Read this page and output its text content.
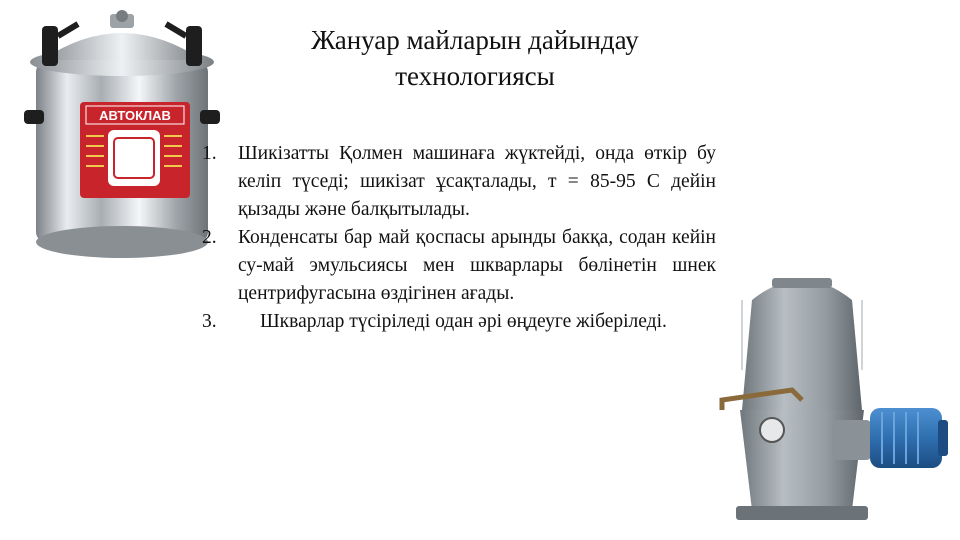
АВТОКЛАВ
Жануар майларын дайындау
технологиясы
1. Шикізатты Қолмен машинаға жүктейді, онда өткір бу келіп түседі; шикізат ұсақталады, т = 85-95 С дейін қызады және балқытылады.
2. Конденсаты бар май қоспасы арынды бакқа, содан кейін су-май эмульсиясы мен шкварлары бөлінетін шнек центрифугасына өздігінен ағады.
3.	Шкварлар түсіріледі одан әрі өңдеуге жіберіледі.
